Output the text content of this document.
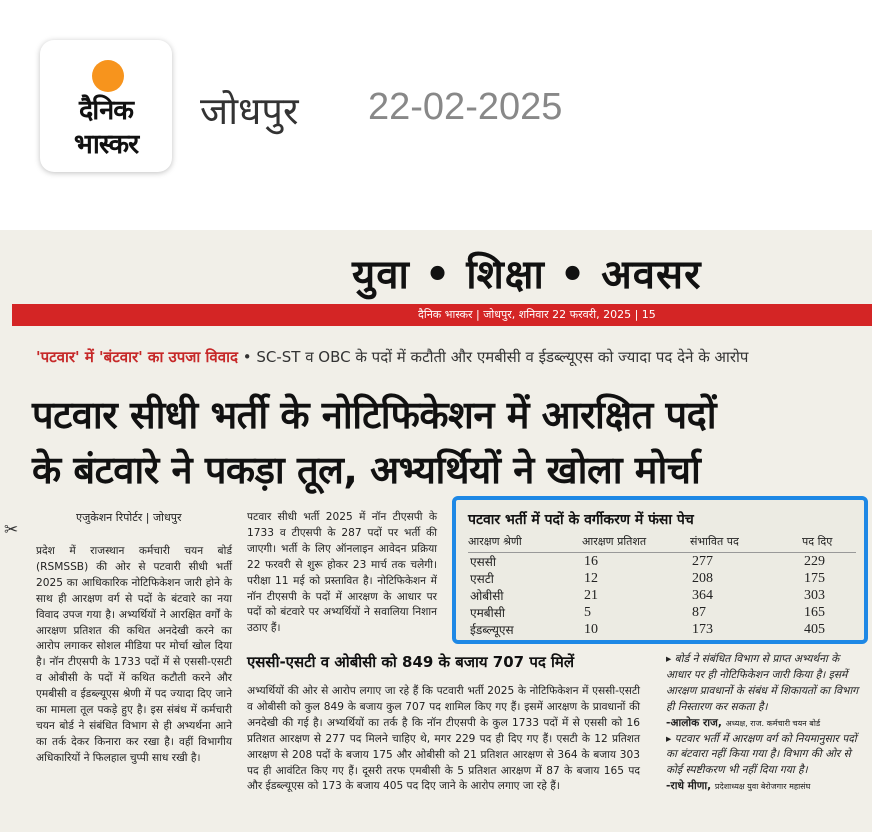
दैनिक
भास्कर
जोधपुर 22-02-2025
युवा • शिक्षा • अवसर
दैनिक भास्कर | जोधपुर, शनिवार 22 फरवरी, 2025 | 15
'पटवार' में 'बंटवार' का उपजा विवाद • SC-ST व OBC के पदों में कटौती और एमबीसी व ईडब्ल्यूएस को ज्यादा पद देने के आरोप
पटवार सीधी भर्ती के नोटिफिकेशन में आरक्षित पदों
के बंटवारे ने पकड़ा तूल, अभ्यर्थियों ने खोला मोर्चा
✂
एजुकेशन रिपोर्टर | जोधपुर

प्रदेश में राजस्थान कर्मचारी चयन बोर्ड (RSMSSB) की ओर से पटवारी सीधी भर्ती 2025 का आधिकारिक नोटिफिकेशन जारी होने के साथ ही आरक्षण वर्ग से पदों के बंटवारे का नया विवाद उपज गया है। अभ्यर्थियों ने आरक्षित वर्गों के आरक्षण प्रतिशत की कथित अनदेखी करने का आरोप लगाकर सोशल मीडिया पर मोर्चा खोल दिया है। नॉन टीएसपी के 1733 पदों में से एससी-एसटी व ओबीसी के पदों में कथित कटौती करने और एमबीसी व ईडब्ल्यूएस श्रेणी में पद ज्यादा दिए जाने का मामला तूल पकड़े हुए है। इस संबंध में कर्मचारी चयन बोर्ड ने संबंधित विभाग से ही अभ्यर्थना आने का तर्क देकर किनारा कर रखा है। वहीं विभागीय अधिकारियों ने फिलहाल चुप्पी साध रखी है।

पटवार सीधी भर्ती 2025 में नॉन टीएसपी के 1733 व टीएसपी के 287 पदों पर भर्ती की जाएगी। भर्ती के लिए ऑनलाइन आवेदन प्रक्रिया 22 फरवरी से शुरू होकर 23 मार्च तक चलेगी। परीक्षा 11 मई को प्रस्तावित है। नोटिफिकेशन में नॉन टीएसपी के पदों में आरक्षण के आधार पर पदों को बंटवारे पर अभ्यर्थियों ने सवालिया निशान उठाए हैं।

एससी-एसटी व ओबीसी को 849 के बजाय 707 पद मिलें

अभ्यर्थियों की ओर से आरोप लगाए जा रहे हैं कि पटवारी भर्ती 2025 के नोटिफिकेशन में एससी-एसटी व ओबीसी को कुल 849 के बजाय कुल 707 पद शामिल किए गए हैं। इसमें आरक्षण के प्रावधानों की अनदेखी की गई है। अभ्यर्थियों का तर्क है कि नॉन टीएसपी के कुल 1733 पदों में से एससी को 16 प्रतिशत आरक्षण से 277 पद मिलने चाहिए थे, मगर 229 पद ही दिए गए हैं। एसटी के 12 प्रतिशत आरक्षण से 208 पदों के बजाय 175 और ओबीसी को 21 प्रतिशत आरक्षण से 364 के बजाय 303 पद ही आवंटित किए गए हैं। दूसरी तरफ एमबीसी के 5 प्रतिशत आरक्षण में 87 के बजाय 165 पद और ईडब्ल्यूएस को 173 के बजाय 405 पद दिए जाने के आरोप लगाए जा रहे हैं।

▸ बोर्ड ने संबंधित विभाग से प्राप्त अभ्यर्थना के आधार पर ही नोटिफिकेशन जारी किया है। इसमें आरक्षण प्रावधानों के संबंध में शिकायतों का विभाग ही निस्तारण कर सकता है।

-आलोक राज, अध्यक्ष, राज. कर्मचारी चयन बोर्ड

▸ पटवार भर्ती में आरक्षण वर्ग को नियमानुसार पदों का बंटवारा नहीं किया गया है। विभाग की ओर से कोई स्पष्टीकरण भी नहीं दिया गया है।

-राधे मीणा, प्रदेशाध्यक्ष युवा बेरोजगार महासंघ

पटवार भर्ती में पदों के वर्गीकरण में फंसा पेच
आरक्षण श्रेणी	आरक्षण प्रतिशत	संभावित पद	पद दिए
एससी	16	277	229
एसटी	12	208	175
ओबीसी	21	364	303
एमबीसी	5	87	165
ईडब्ल्यूएस	10	173	405
